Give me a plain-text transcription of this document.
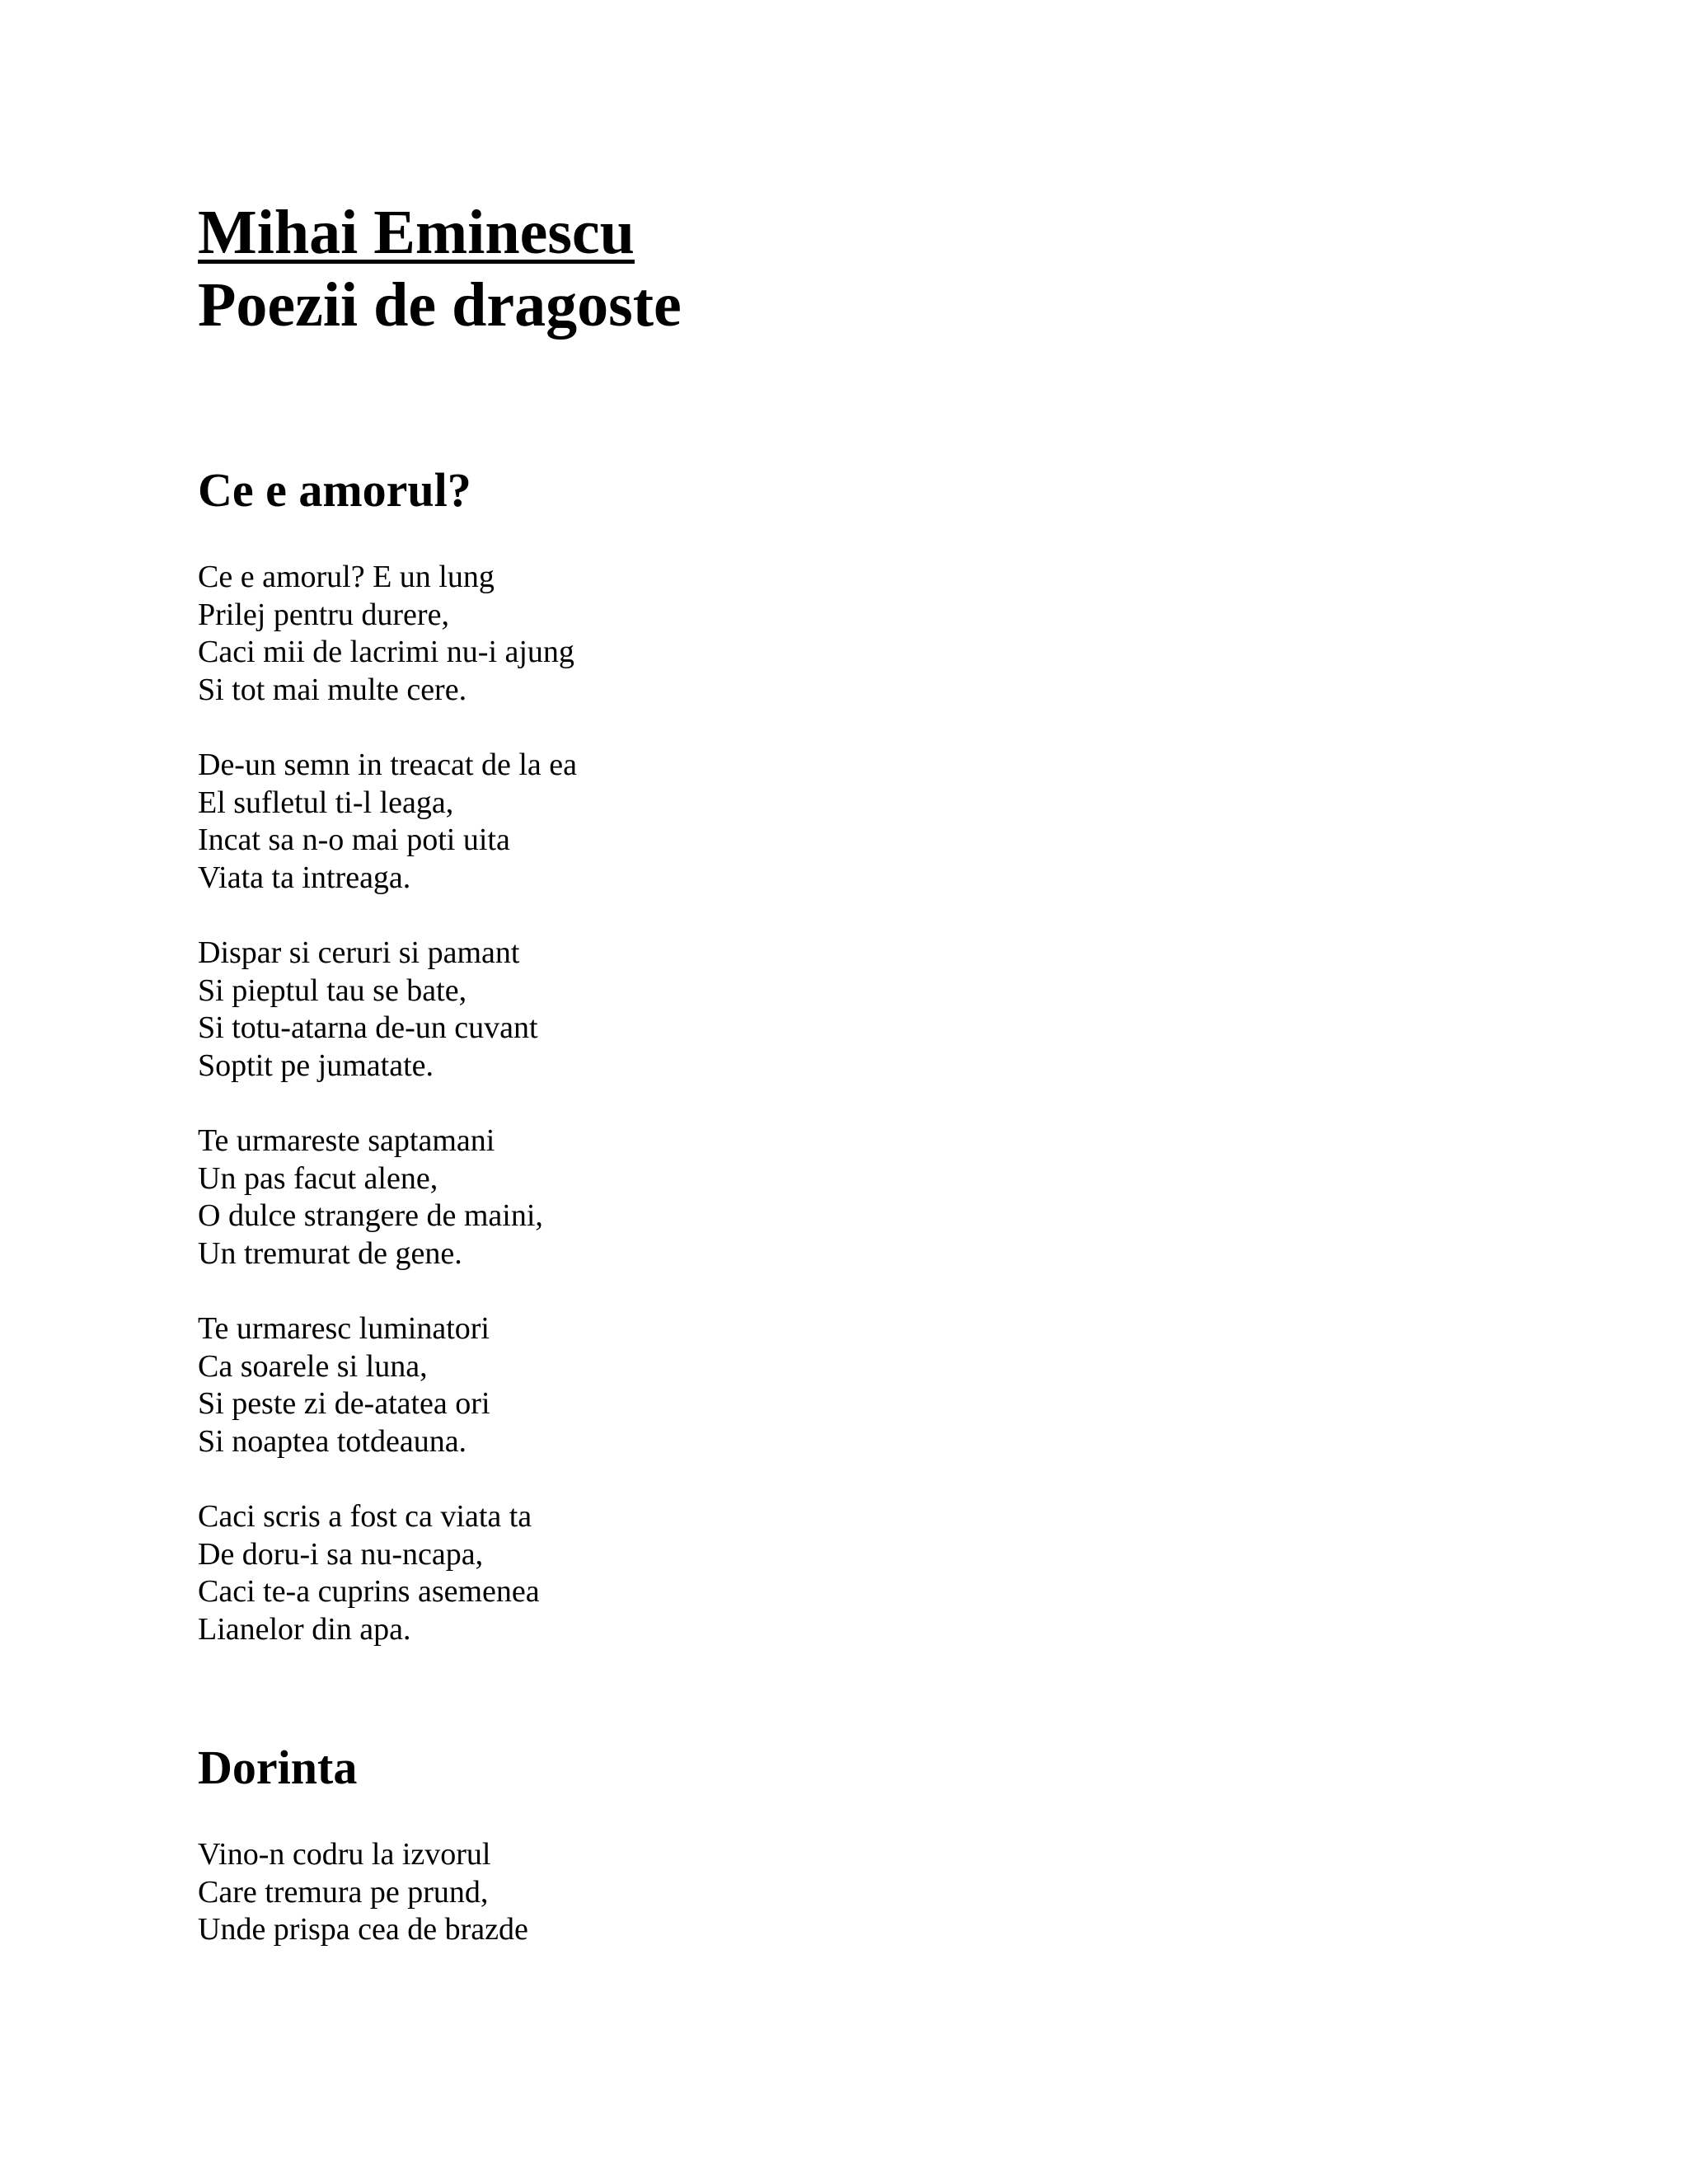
Mihai Eminescu
Poezii de dragoste
Ce e amorul?
Ce e amorul? E un lung
Prilej pentru durere,
Caci mii de lacrimi nu-i ajung
Si tot mai multe cere.
De-un semn in treacat de la ea
El sufletul ti-l leaga,
Incat sa n-o mai poti uita
Viata ta intreaga.
Dispar si ceruri si pamant
Si pieptul tau se bate,
Si totu-atarna de-un cuvant
Soptit pe jumatate.
Te urmareste saptamani
Un pas facut alene,
O dulce strangere de maini,
Un tremurat de gene.
Te urmaresc luminatori
Ca soarele si luna,
Si peste zi de-atatea ori
Si noaptea totdeauna.
Caci scris a fost ca viata ta
De doru-i sa nu-ncapa,
Caci te-a cuprins asemenea
Lianelor din apa.
Dorinta
Vino-n codru la izvorul
Care tremura pe prund,
Unde prispa cea de brazde
